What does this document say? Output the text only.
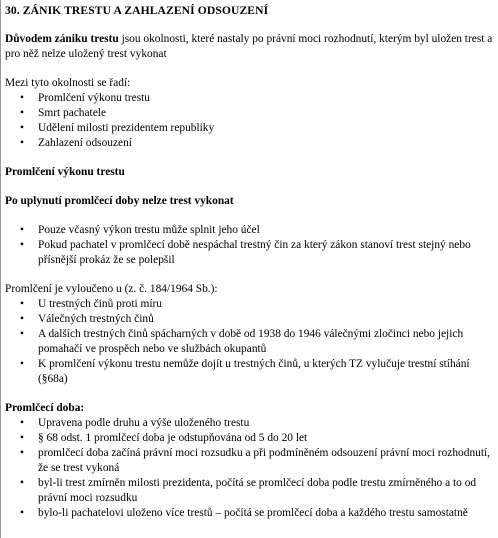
30. ZÁNIK TRESTU A ZAHLAZENÍ ODSOUZENÍ

Důvodem zániku trestu jsou okolnosti, které nastaly po právní moci rozhodnutí, kterým byl uložen trest a pro něž nelze uložený trest vykonat

Mezi tyto okolnosti se řadí:

• Promlčení výkonu trestu
• Smrt pachatele
• Udělení milosti prezidentem republiky
• Zahlazení odsouzení

Promlčení výkonu trestu

Po uplynutí promlčecí doby nelze trest vykonat

• Pouze včasný výkon trestu může splnit jeho účel
• Pokud pachatel v promlčecí době nespáchal trestný čin za který zákon stanoví trest stejný nebo přísnější prokáz že se polepšil

Promlčení je vyloučeno u (z. č. 184/1964 Sb.):

• U trestných činů proti míru
• Válečných trestných činů
• A dalších trestných činů spácharných v době od 1938 do 1946 válečnými zločinci nebo jejich pomahačí ve prospěch nebo ve službách okupantů
• K promlčení výkonu trestu nemůže dojít u trestných činů, u kterých TZ vylučuje trestní stíhání (§68a)

Promlčecí doba:

• Upravena podle druhu a výše uloženého trestu
• § 68 odst. 1 promlčecí doba je odstupňována od 5 do 20 let
• promlčecí doba začíná právní moci rozsudku a při podmíněném odsouzení právní moci rozhodnutí, že se trest vykoná
• byl-li trest zmírněn milosti prezidenta, počítá se promlčecí doba podle trestu zmírněného a to od právní moci rozsudku
• bylo-li pachatelovi uloženo více trestů – počítá se promlčecí doba a každého trestu samostatně
